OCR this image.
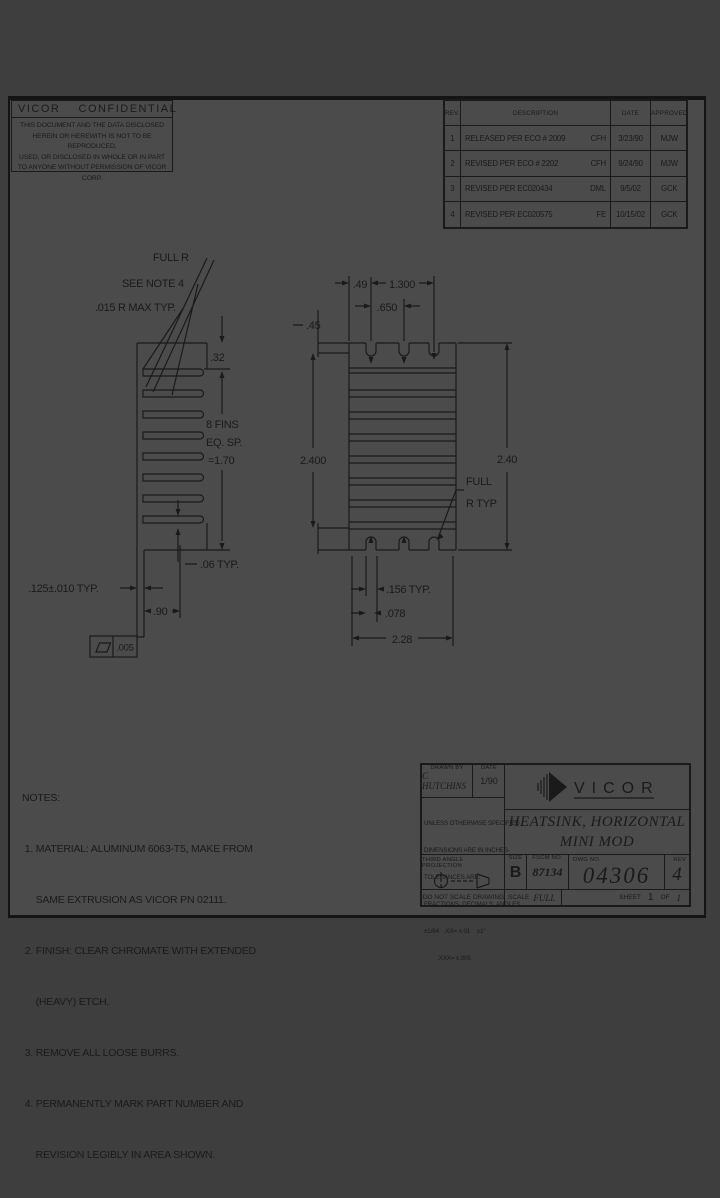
.005
FULL R
SEE NOTE 4
.015 R MAX TYP.
.32
8 FINS
EQ. SP.
=1.70
.06 TYP.
.125±.010 TYP.
.90
.49 1.300
.650
.45
2.400	2.40
FULL
R TYP
.156 TYP.
.078
2.28
VICOR    CONFIDENTIAL
THIS DOCUMENT AND THE DATA DISCLOSED
HEREIN OR HEREWITH IS NOT TO BE REPRODUCED,
USED, OR DISCLOSED IN WHOLE OR IN PART
TO ANYONE WITHOUT PERMISSION OF VICOR CORP.
REV.	DESCRIPTION	DATE	APPROVED
1	RELEASED PER ECO # 2009	CFH	3/23/90	MJW
2	REVISED PER ECO # 2202	CFH	9/24/90	MJW
3	REVISED PER EC020434	DML	9/5/02	GCK
4	REVISED PER EC020575	FE	10/15/02	GCK

NOTES:

1. MATERIAL: ALUMINUM 6063-T5, MAKE FROM

SAME EXTRUSION AS VICOR PN 02111.

2. FINISH: CLEAR CHROMATE WITH EXTENDED

(HEAVY) ETCH.

3. REMOVE ALL LOOSE BURRS.

4. PERMANENTLY MARK PART NUMBER AND

REVISION LEGIBLY IN AREA SHOWN.

DRAWN BY
C HUTCHINS
DATE
1/90

UNLESS OTHERWISE SPECIFIED

DIMENSIONS ARE IN INCHES-

TOLERANCES ARE:

FRACTIONS  DECIMALS  ANGLES

±1/64   .XX= ±.01    ±1°

.XXX= ±.005

THIRD ANGLE PROJECTION
DO NOT SCALE DRAWING
VICOR
HEATSINK, HORIZONTAL
MINI MOD
SIZE
B
FSCM NO.
87134
DWG NO.
04306
REV
4
SCALE FULL	SHEET 1 OF 1
